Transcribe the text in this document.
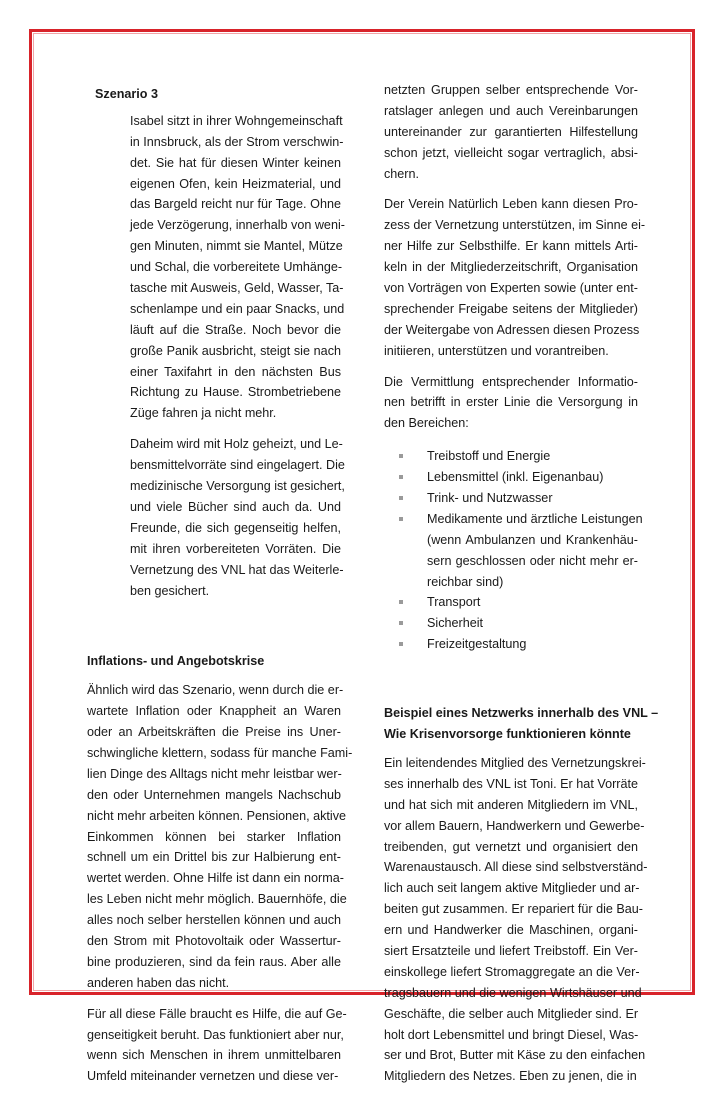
Szenario 3
Isabel sitzt in ihrer Wohngemeinschaft
in Innsbruck, als der Strom verschwin-
det. Sie hat für diesen Winter keinen
eigenen Ofen, kein Heizmaterial, und
das Bargeld reicht nur für Tage. Ohne
jede Verzögerung, innerhalb von weni-
gen Minuten, nimmt sie Mantel, Mütze
und Schal, die vorbereitete Umhänge-
tasche mit Ausweis, Geld, Wasser, Ta-
schenlampe und ein paar Snacks, und
läuft auf die Straße. Noch bevor die
große Panik ausbricht, steigt sie nach
einer Taxifahrt in den nächsten Bus
Richtung zu Hause. Strombetriebene
Züge fahren ja nicht mehr.
Daheim wird mit Holz geheizt, und Le-
bensmittelvorräte sind eingelagert. Die
medizinische Versorgung ist gesichert,
und viele Bücher sind auch da. Und
Freunde, die sich gegenseitig helfen,
mit ihren vorbereiteten Vorräten. Die
Vernetzung des VNL hat das Weiterle-
ben gesichert.
Inflations- und Angebotskrise
Ähnlich wird das Szenario, wenn durch die er-
wartete Inflation oder Knappheit an Waren
oder an Arbeitskräften die Preise ins Uner-
schwingliche klettern, sodass für manche Fami-
lien Dinge des Alltags nicht mehr leistbar wer-
den oder Unternehmen mangels Nachschub
nicht mehr arbeiten können. Pensionen, aktive
Einkommen können bei starker Inflation
schnell um ein Drittel bis zur Halbierung ent-
wertet werden. Ohne Hilfe ist dann ein norma-
les Leben nicht mehr möglich. Bauernhöfe, die
alles noch selber herstellen können und auch
den Strom mit Photovoltaik oder Wassertur-
bine produzieren, sind da fein raus. Aber alle
anderen haben das nicht.
Für all diese Fälle braucht es Hilfe, die auf Ge-
genseitigkeit beruht. Das funktioniert aber nur,
wenn sich Menschen in ihrem unmittelbaren
Umfeld miteinander vernetzen und diese ver-
netzten Gruppen selber entsprechende Vor-
ratslager anlegen und auch Vereinbarungen
untereinander zur garantierten Hilfestellung
schon jetzt, vielleicht sogar vertraglich, absi-
chern.
Der Verein Natürlich Leben kann diesen Pro-
zess der Vernetzung unterstützen, im Sinne ei-
ner Hilfe zur Selbsthilfe. Er kann mittels Arti-
keln in der Mitgliederzeitschrift, Organisation
von Vorträgen von Experten sowie (unter ent-
sprechender Freigabe seitens der Mitglieder)
der Weitergabe von Adressen diesen Prozess
initiieren, unterstützen und vorantreiben.
Die Vermittlung entsprechender Informatio-
nen betrifft in erster Linie die Versorgung in
den Bereichen:
Treibstoff und Energie
Lebensmittel (inkl. Eigenanbau)
Trink- und Nutzwasser
Medikamente und ärztliche Leistungen
(wenn Ambulanzen und Krankenhäu-
sern geschlossen oder nicht mehr er-
reichbar sind)
Transport
Sicherheit
Freizeitgestaltung
Beispiel eines Netzwerks innerhalb des VNL –
Wie Krisenvorsorge funktionieren könnte
Ein leitendendes Mitglied des Vernetzungskrei-
ses innerhalb des VNL ist Toni. Er hat Vorräte
und hat sich mit anderen Mitgliedern im VNL,
vor allem Bauern, Handwerkern und Gewerbe-
treibenden, gut vernetzt und organisiert den
Warenaustausch. All diese sind selbstverständ-
lich auch seit langem aktive Mitglieder und ar-
beiten gut zusammen. Er repariert für die Bau-
ern und Handwerker die Maschinen, organi-
siert Ersatzteile und liefert Treibstoff. Ein Ver-
einskollege liefert Stromaggregate an die Ver-
tragsbauern und die wenigen Wirtshäuser und
Geschäfte, die selber auch Mitglieder sind. Er
holt dort Lebensmittel und bringt Diesel, Was-
ser und Brot, Butter mit Käse zu den einfachen
Mitgliedern des Netzes. Eben zu jenen, die in
